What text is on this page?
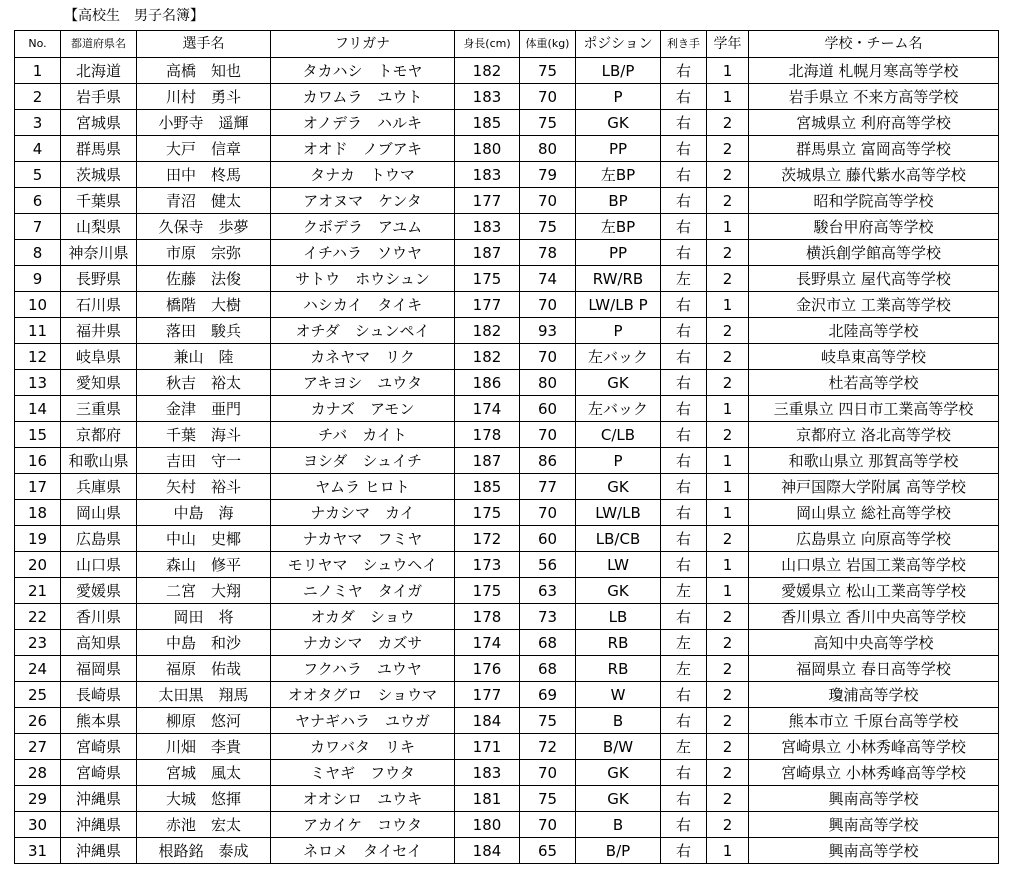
【高校生　男子名簿】
No.	都道府県名	選手名	フリガナ	身長(cm)	体重(kg)	ポジション	利き手	学年	学校・チーム名
1	北海道	高橋　知也	タカハシ　トモヤ	182	75	LB/P	右	1	北海道 札幌月寒高等学校
2	岩手県	川村　勇斗	カワムラ　ユウト	183	70	P	右	1	岩手県立 不来方高等学校
3	宮城県	小野寺　遥輝	オノデラ　ハルキ	185	75	GK	右	2	宮城県立 利府高等学校
4	群馬県	大戸　信章	オオド　ノブアキ	180	80	PP	右	2	群馬県立 富岡高等学校
5	茨城県	田中　柊馬	タナカ　トウマ	183	79	左BP	右	2	茨城県立 藤代紫水高等学校
6	千葉県	青沼　健太	アオヌマ　ケンタ	177	70	BP	右	2	昭和学院高等学校
7	山梨県	久保寺　歩夢	クボデラ　アユム	183	75	左BP	右	1	駿台甲府高等学校
8	神奈川県	市原　宗弥	イチハラ　ソウヤ	187	78	PP	右	2	横浜創学館高等学校
9	長野県	佐藤　法俊	サトウ　ホウシュン	175	74	RW/RB	左	2	長野県立 屋代高等学校
10	石川県	橋階　大樹	ハシカイ　タイキ	177	70	LW/LB P	右	1	金沢市立 工業高等学校
11	福井県	落田　駿兵	オチダ　シュンペイ	182	93	P	右	2	北陸高等学校
12	岐阜県	兼山　陸	カネヤマ　リク	182	70	左バック	右	2	岐阜東高等学校
13	愛知県	秋吉　裕太	アキヨシ　ユウタ	186	80	GK	右	2	杜若高等学校
14	三重県	金津　亜門	カナズ　アモン	174	60	左バック	右	1	三重県立 四日市工業高等学校
15	京都府	千葉　海斗	チバ　カイト	178	70	C/LB	右	2	京都府立 洛北高等学校
16	和歌山県	吉田　守一	ヨシダ　シュイチ	187	86	P	右	1	和歌山県立 那賀高等学校
17	兵庫県	矢村　裕斗	ヤムラ ヒロト	185	77	GK	右	1	神戸国際大学附属 高等学校
18	岡山県	中島　海	ナカシマ　カイ	175	70	LW/LB	右	1	岡山県立 総社高等学校
19	広島県	中山　史椰	ナカヤマ　フミヤ	172	60	LB/CB	右	2	広島県立 向原高等学校
20	山口県	森山　修平	モリヤマ　シュウヘイ	173	56	LW	右	1	山口県立 岩国工業高等学校
21	愛媛県	二宮　大翔	ニノミヤ　タイガ	175	63	GK	左	1	愛媛県立 松山工業高等学校
22	香川県	岡田　将	オカダ　ショウ	178	73	LB	右	2	香川県立 香川中央高等学校
23	高知県	中島　和沙	ナカシマ　カズサ	174	68	RB	左	2	高知中央高等学校
24	福岡県	福原　佑哉	フクハラ　ユウヤ	176	68	RB	左	2	福岡県立 春日高等学校
25	長崎県	太田黒　翔馬	オオタグロ　ショウマ	177	69	W	右	2	瓊浦高等学校
26	熊本県	柳原　悠河	ヤナギハラ　ユウガ	184	75	B	右	2	熊本市立 千原台高等学校
27	宮崎県	川畑　李貴	カワバタ　リキ	171	72	B/W	左	2	宮崎県立 小林秀峰高等学校
28	宮崎県	宮城　風太	ミヤギ　フウタ	183	70	GK	右	2	宮崎県立 小林秀峰高等学校
29	沖縄県	大城　悠揮	オオシロ　ユウキ	181	75	GK	右	2	興南高等学校
30	沖縄県	赤池　宏太	アカイケ　コウタ	180	70	B	右	2	興南高等学校
31	沖縄県	根路銘　泰成	ネロメ　タイセイ	184	65	B/P	右	1	興南高等学校
